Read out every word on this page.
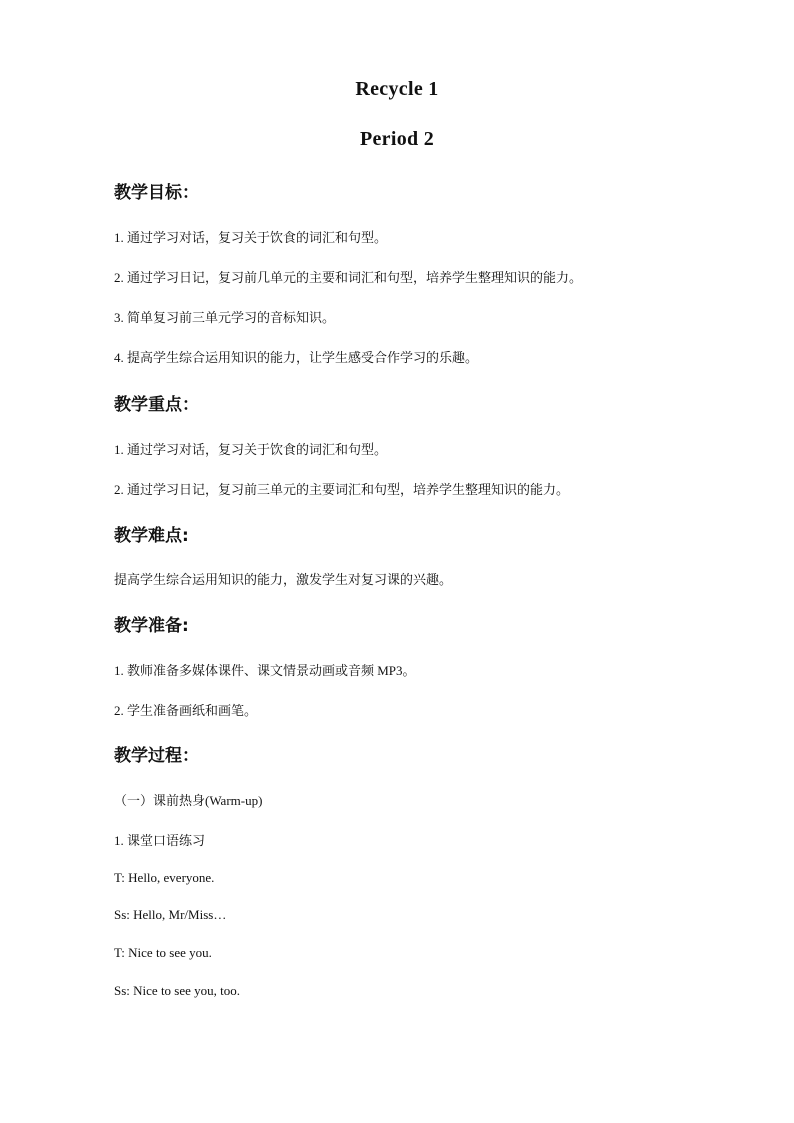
Recycle 1
Period 2
教学目标：
1. 通过学习对话，复习关于饮食的词汇和句型。
2. 通过学习日记，复习前几单元的主要和词汇和句型，培养学生整理知识的能力。
3. 简单复习前三单元学习的音标知识。
4. 提高学生综合运用知识的能力，让学生感受合作学习的乐趣。
教学重点：
1. 通过学习对话，复习关于饮食的词汇和句型。
2. 通过学习日记，复习前三单元的主要词汇和句型，培养学生整理知识的能力。
教学难点:
提高学生综合运用知识的能力，激发学生对复习课的兴趣。
教学准备:
1. 教师准备多媒体课件、课文情景动画或音频 MP3。
2. 学生准备画纸和画笔。
教学过程：
（一）课前热身(Warm-up)
1. 课堂口语练习
T: Hello, everyone.
Ss: Hello, Mr/Miss…
T: Nice to see you.
Ss: Nice to see you, too.
